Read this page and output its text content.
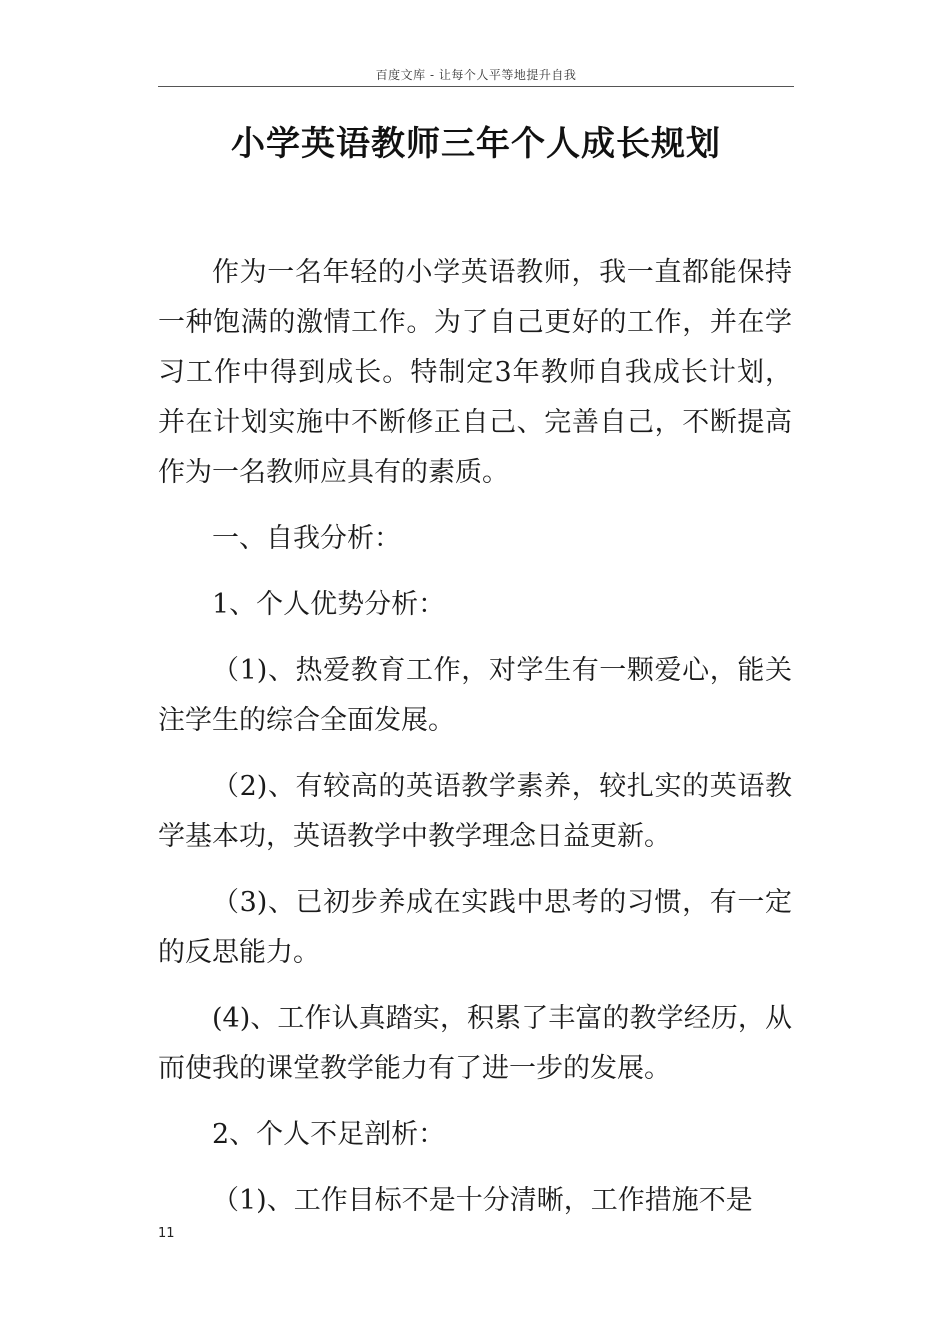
百度文库 - 让每个人平等地提升自我
小学英语教师三年个人成长规划

作为一名年轻的小学英语教师，我一直都能保持一种饱满的激情工作。为了自己更好的工作，并在学习工作中得到成长。特制定3年教师自我成长计划，并在计划实施中不断修正自己、完善自己，不断提高作为一名教师应具有的素质。

一、自我分析：

1、个人优势分析：

（1)、热爱教育工作，对学生有一颗爱心，能关注学生的综合全面发展。

（2)、有较高的英语教学素养，较扎实的英语教学基本功，英语教学中教学理念日益更新。

（3)、已初步养成在实践中思考的习惯，有一定的反思能力。

(4)、工作认真踏实，积累了丰富的教学经历，从而使我的课堂教学能力有了进一步的发展。

2、个人不足剖析：

（1)、工作目标不是十分清晰，工作措施不是

11
